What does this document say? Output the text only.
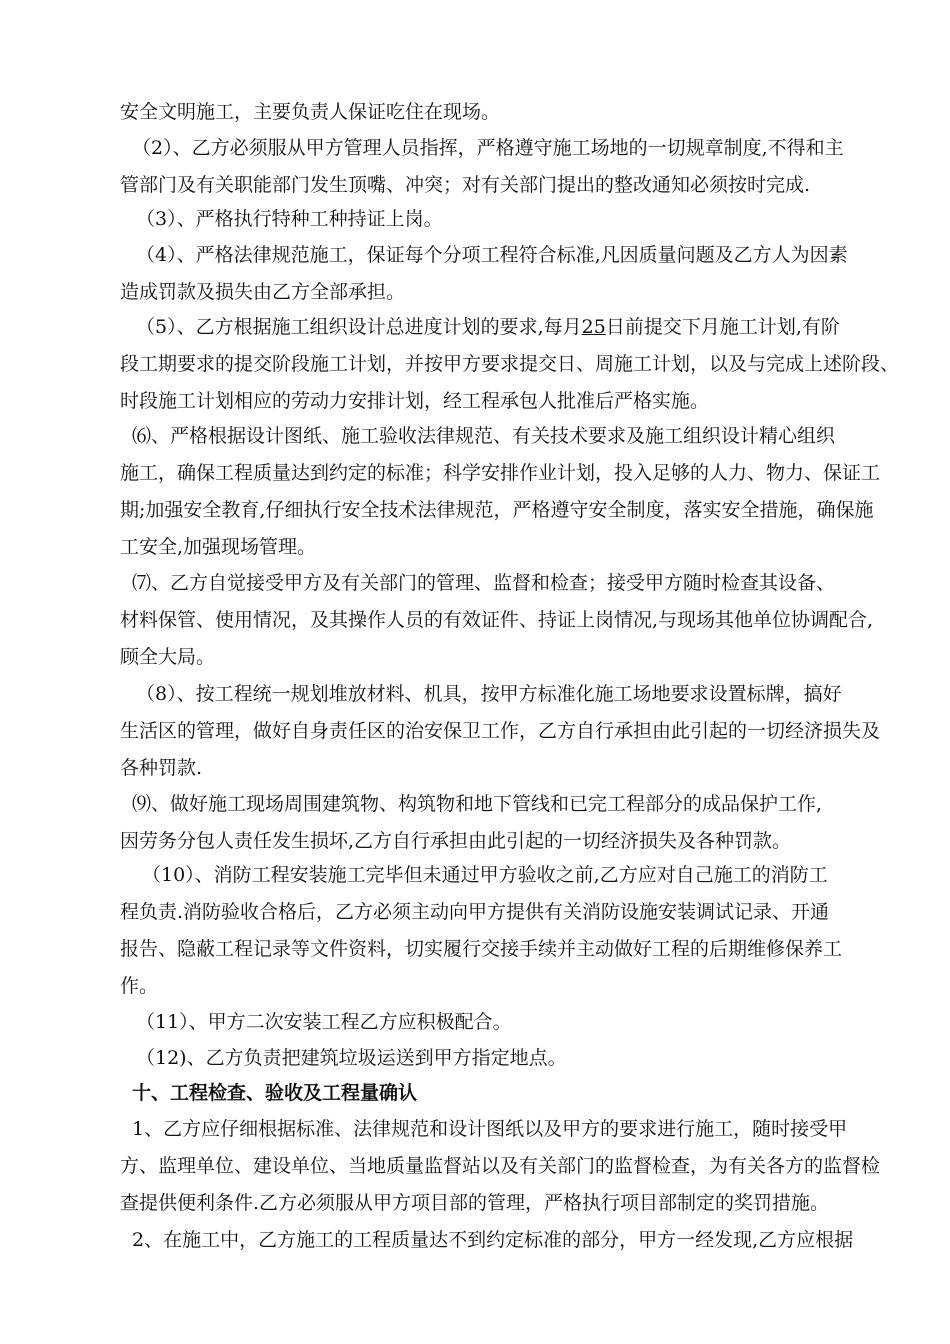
安全文明施工，主要负责人保证吃住在现场。

（2）、乙方必须服从甲方管理人员指挥，严格遵守施工场地的一切规章制度,不得和主
管部门及有关职能部门发生顶嘴、冲突；对有关部门提出的整改通知必须按时完成.

（3）、严格执行特种工种持证上岗。

（4）、严格法律规范施工，保证每个分项工程符合标准,凡因质量问题及乙方人为因素
造成罚款及损失由乙方全部承担。

（5）、乙方根据施工组织设计总进度计划的要求,每月25日前提交下月施工计划,有阶
段工期要求的提交阶段施工计划，并按甲方要求提交日、周施工计划，以及与完成上述阶段、
时段施工计划相应的劳动力安排计划，经工程承包人批准后严格实施。

⑹、严格根据设计图纸、施工验收法律规范、有关技术要求及施工组织设计精心组织
施工，确保工程质量达到约定的标准；科学安排作业计划，投入足够的人力、物力、保证工
期;加强安全教育,仔细执行安全技术法律规范，严格遵守安全制度，落实安全措施，确保施
工安全,加强现场管理。

⑺、乙方自觉接受甲方及有关部门的管理、监督和检查；接受甲方随时检查其设备、
材料保管、使用情况，及其操作人员的有效证件、持证上岗情况,与现场其他单位协调配合,
顾全大局。

（8）、按工程统一规划堆放材料、机具，按甲方标准化施工场地要求设置标牌，搞好
生活区的管理，做好自身责任区的治安保卫工作，乙方自行承担由此引起的一切经济损失及
各种罚款.

⑼、做好施工现场周围建筑物、构筑物和地下管线和已完工程部分的成品保护工作,
因劳务分包人责任发生损坏,乙方自行承担由此引起的一切经济损失及各种罚款。

（10）、消防工程安装施工完毕但未通过甲方验收之前,乙方应对自己施工的消防工
程负责.消防验收合格后，乙方必须主动向甲方提供有关消防设施安装调试记录、开通
报告、隐蔽工程记录等文件资料，切实履行交接手续并主动做好工程的后期维修保养工
作。

（11）、甲方二次安装工程乙方应积极配合。

（12)、乙方负责把建筑垃圾运送到甲方指定地点。

十、工程检查、验收及工程量确认

1、乙方应仔细根据标准、法律规范和设计图纸以及甲方的要求进行施工，随时接受甲
方、监理单位、建设单位、当地质量监督站以及有关部门的监督检查，为有关各方的监督检
查提供便利条件.乙方必须服从甲方项目部的管理，严格执行项目部制定的奖罚措施。

2、在施工中，乙方施工的工程质量达不到约定标准的部分，甲方一经发现,乙方应根据
